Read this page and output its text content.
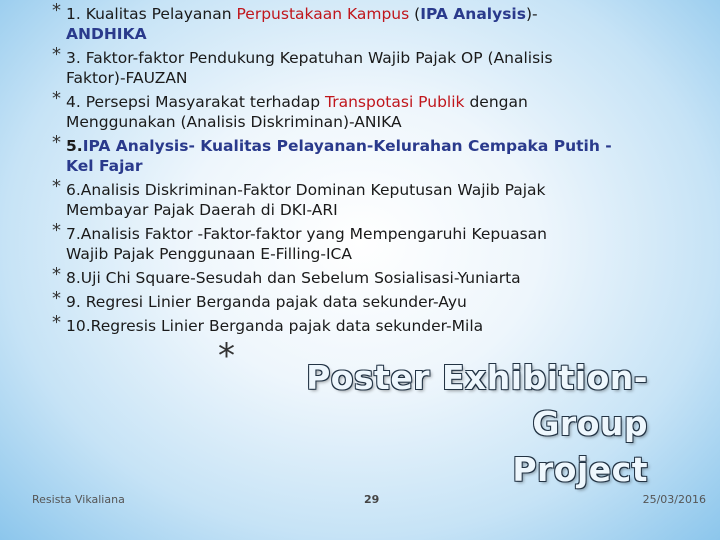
* 1. Kualitas Pelayanan Perpustakaan Kampus (IPA Analysis)-
ANDHIKA
* 3. Faktor-faktor Pendukung Kepatuhan Wajib Pajak OP (Analisis
Faktor)-FAUZAN
* 4. Persepsi Masyarakat terhadap Transpotasi Publik dengan
Menggunakan (Analisis Diskriminan)-ANIKA
* 5.IPA Analysis- Kualitas Pelayanan-Kelurahan Cempaka Putih -
Kel Fajar
* 6.Analisis Diskriminan-Faktor Dominan Keputusan Wajib Pajak
Membayar Pajak Daerah di DKI-ARI
* 7.Analisis Faktor -Faktor-faktor yang Mempengaruhi Kepuasan
Wajib Pajak Penggunaan E-Filling-ICA
* 8.Uji Chi Square-Sesudah dan Sebelum Sosialisasi-Yuniarta
* 9. Regresi Linier Berganda pajak data sekunder-Ayu
* 10.Regresis Linier Berganda pajak data sekunder-Mila
*
Poster Exhibition-Group
Project
Resista Vikaliana	29	25/03/2016
